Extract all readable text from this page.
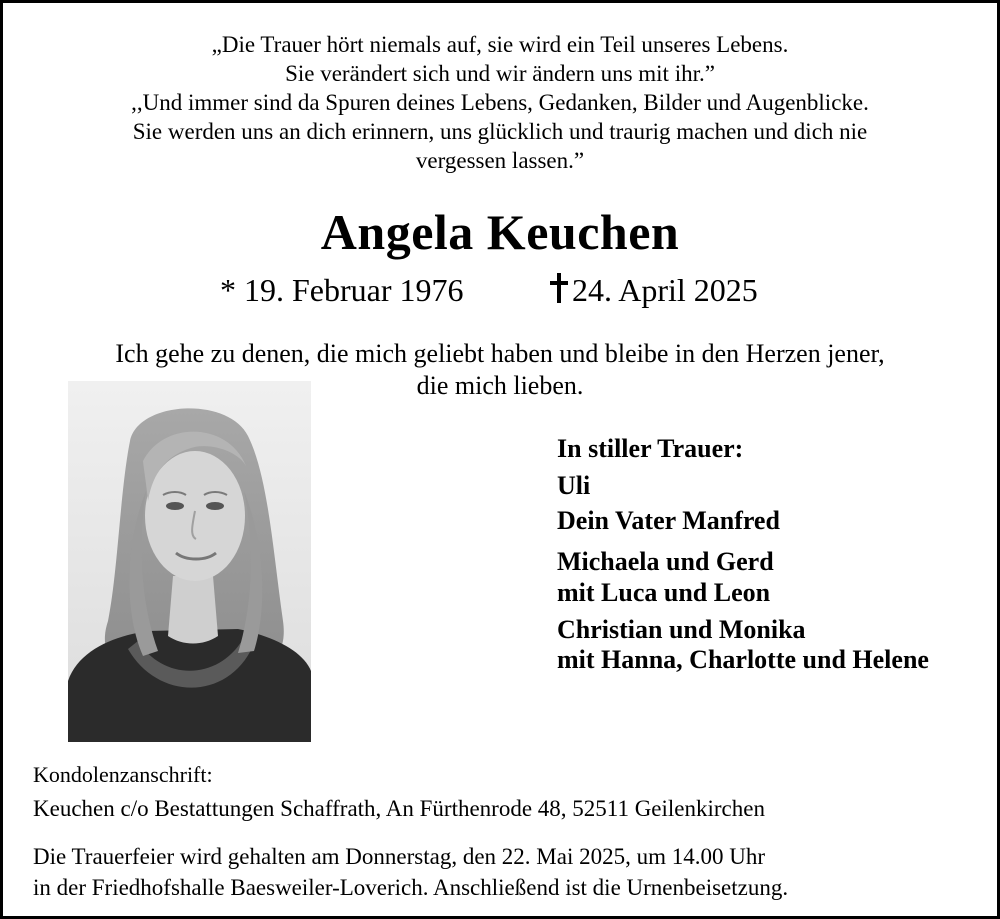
„Die Trauer hört niemals auf, sie wird ein Teil unseres Lebens.
Sie verändert sich und wir ändern uns mit ihr.”
,,Und immer sind da Spuren deines Lebens, Gedanken, Bilder und Augenblicke.
Sie werden uns an dich erinnern, uns glücklich und traurig machen und dich nie
vergessen lassen.”
Angela Keuchen
* 19. Februar 1976	24. April 2025
Ich gehe zu denen, die mich geliebt haben und bleibe in den Herzen jener,
die mich lieben.
In stiller Trauer:
Uli
Dein Vater Manfred
Michaela und Gerd
mit Luca und Leon
Christian und Monika
mit Hanna, Charlotte und Helene
Kondolenzanschrift:
Keuchen c/o Bestattungen Schaffrath, An Fürthenrode 48, 52511 Geilenkirchen
Die Trauerfeier wird gehalten am Donnerstag, den 22. Mai 2025, um 14.00 Uhr
in der Friedhofshalle Baesweiler-Loverich. Anschließend ist die Urnenbeisetzung.
